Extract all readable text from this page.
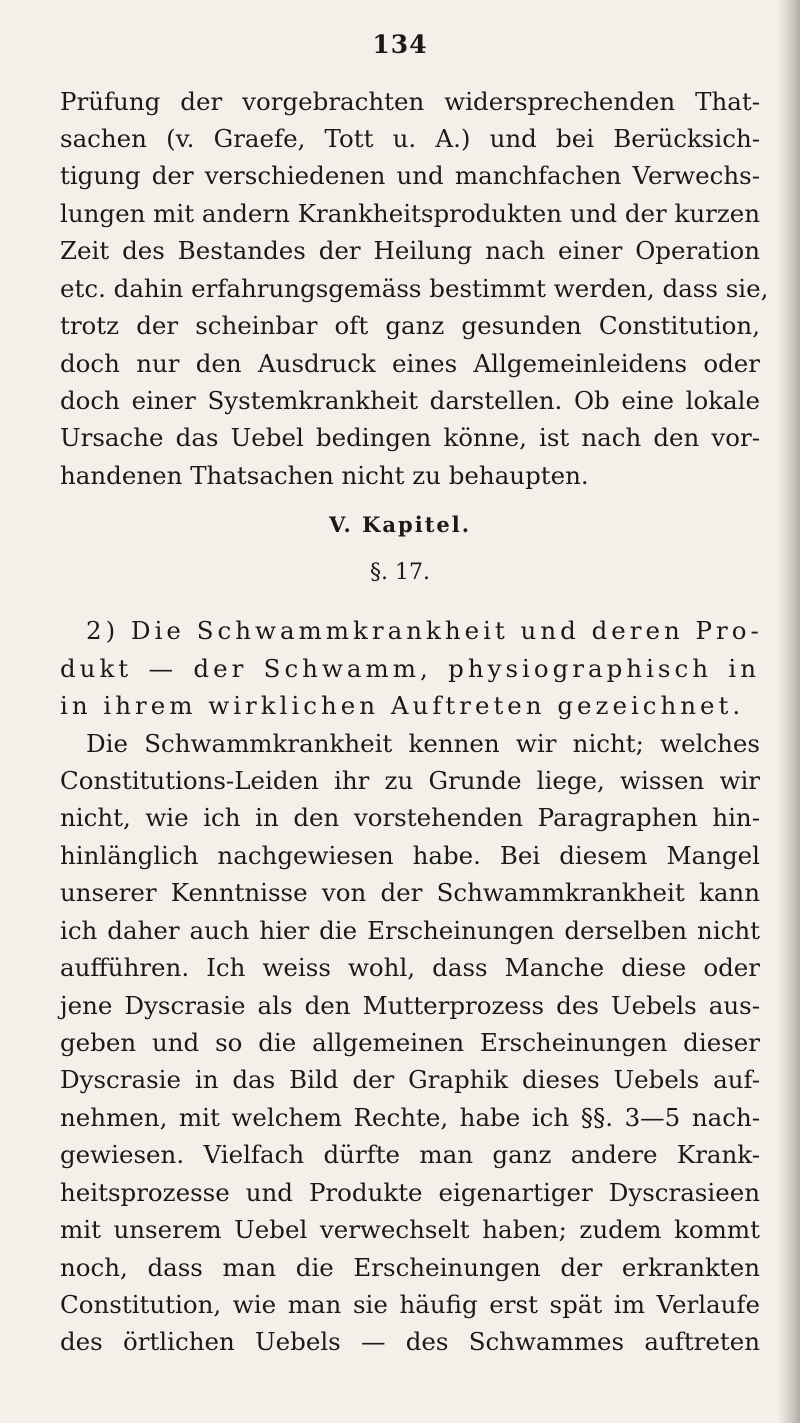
134
Prüfung der vorgebrachten widersprechenden That-
sachen (v. Graefe, Tott u. A.) und bei Berücksich-
tigung der verschiedenen und manchfachen Verwechs-
lungen mit andern Krankheitsprodukten und der kurzen
Zeit des Bestandes der Heilung nach einer Operation
etc. dahin erfahrungsgemäss bestimmt werden, dass sie,
trotz der scheinbar oft ganz gesunden Constitution,
doch nur den Ausdruck eines Allgemeinleidens oder
doch einer Systemkrankheit darstellen. Ob eine lokale
Ursache das Uebel bedingen könne, ist nach den vor-
handenen Thatsachen nicht zu behaupten.
V. Kapitel.
§. 17.
2) Die Schwammkrankheit und deren Pro-
dukt — der Schwamm, physiographisch in
in ihrem wirklichen Auftreten gezeichnet.
Die Schwammkrankheit kennen wir nicht; welches
Constitutions-Leiden ihr zu Grunde liege, wissen wir
nicht, wie ich in den vorstehenden Paragraphen hin-
hinlänglich nachgewiesen habe. Bei diesem Mangel
unserer Kenntnisse von der Schwammkrankheit kann
ich daher auch hier die Erscheinungen derselben nicht
aufführen. Ich weiss wohl, dass Manche diese oder
jene Dyscrasie als den Mutterprozess des Uebels aus-
geben und so die allgemeinen Erscheinungen dieser
Dyscrasie in das Bild der Graphik dieses Uebels auf-
nehmen, mit welchem Rechte, habe ich §§. 3—5 nach-
gewiesen. Vielfach dürfte man ganz andere Krank-
heitsprozesse und Produkte eigenartiger Dyscrasieen
mit unserem Uebel verwechselt haben; zudem kommt
noch, dass man die Erscheinungen der erkrankten
Constitution, wie man sie häufig erst spät im Verlaufe
des örtlichen Uebels — des Schwammes auftreten
